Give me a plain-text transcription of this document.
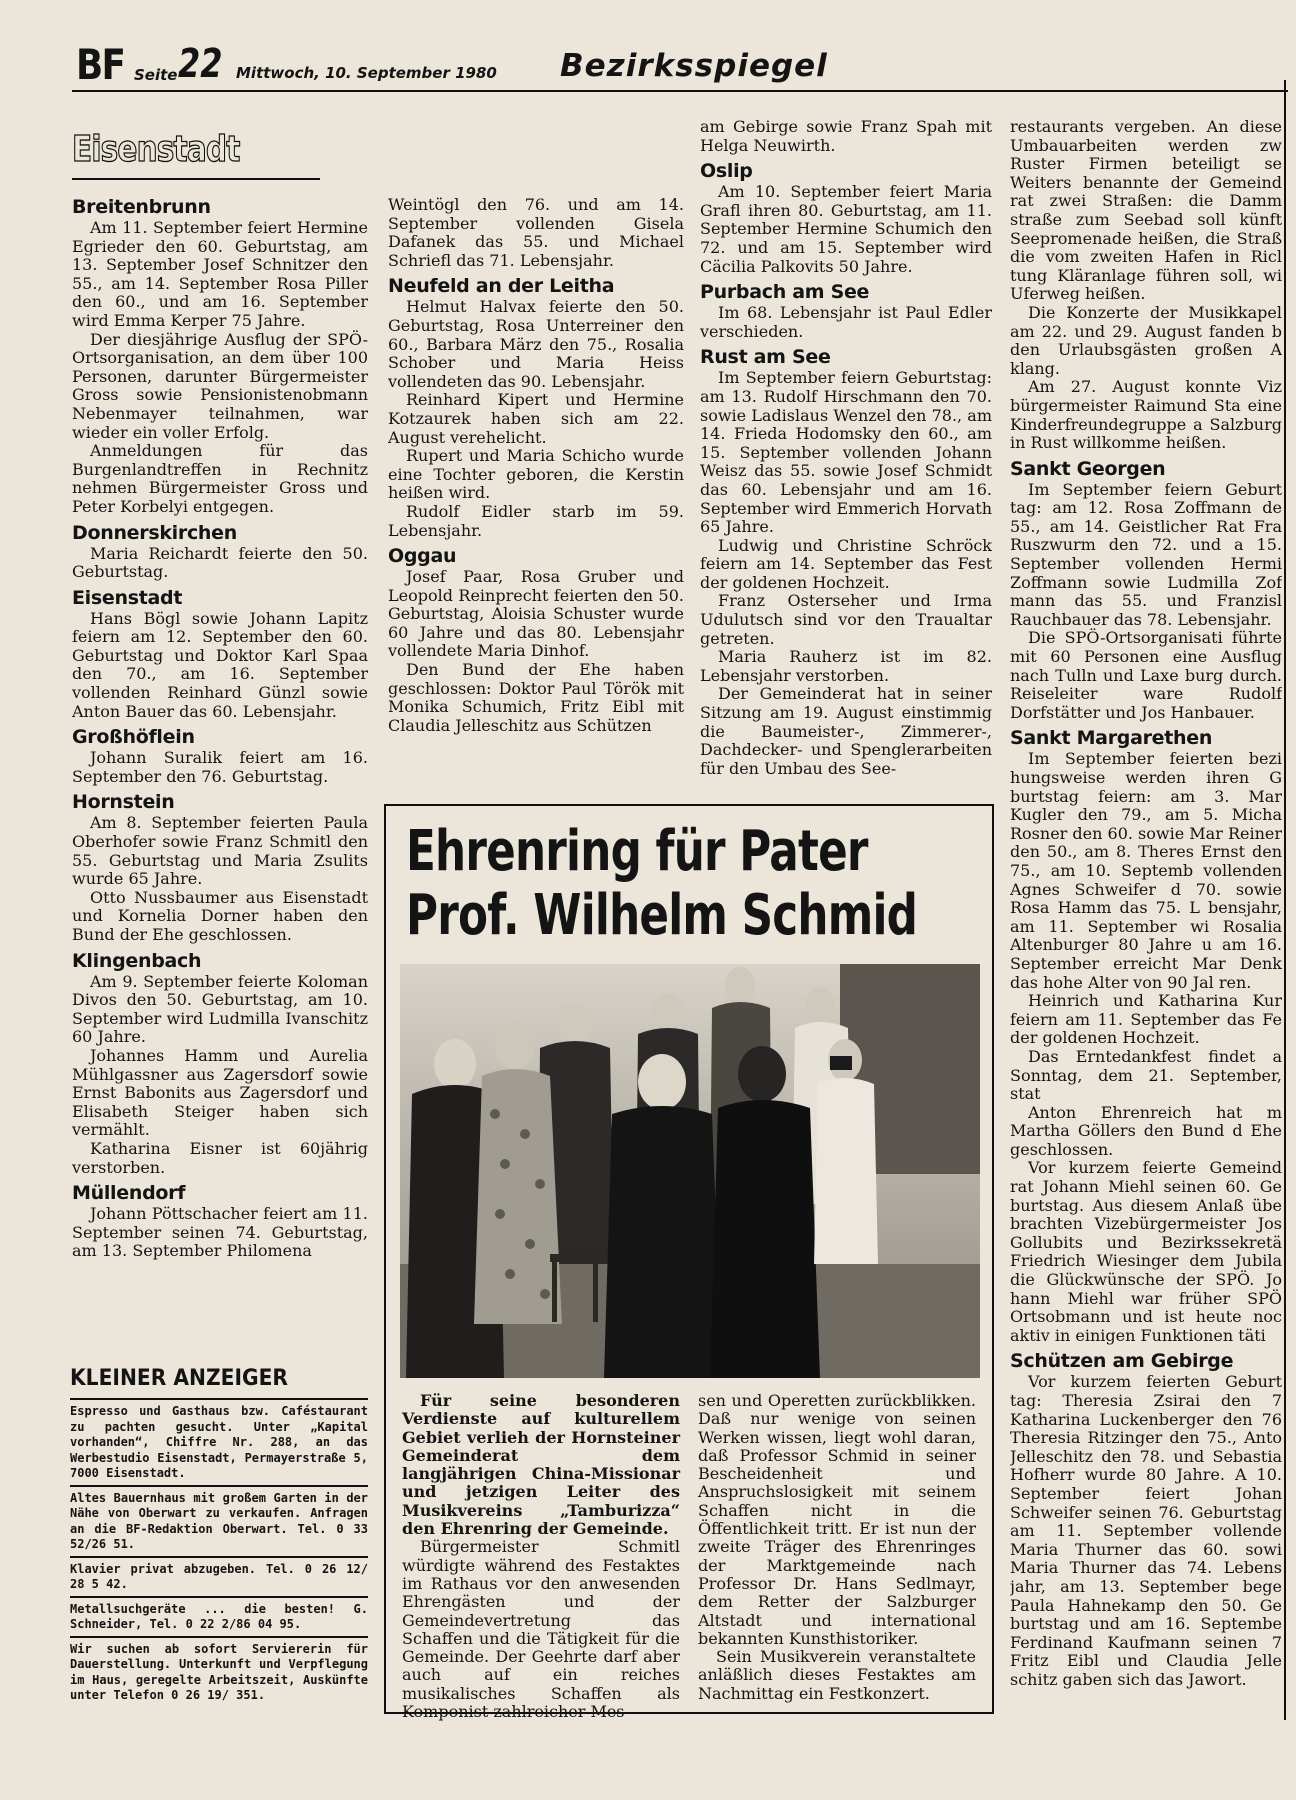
BF Seite 22 Mittwoch, 10. September 1980 Bezirksspiegel
Eisenstadt
Breitenbrunn

Am 11. September feiert Hermine Egrieder den 60. Geburtstag, am 13. September Josef Schnitzer den 55., am 14. September Rosa Piller den 60., und am 16. September wird Emma Kerper 75 Jahre.

Der diesjährige Ausflug der SPÖ-Ortsorganisation, an dem über 100 Personen, darunter Bürgermeister Gross sowie Pensionistenobmann Nebenmayer teilnahmen, war wieder ein voller Erfolg.

Anmeldungen für das Burgenlandtreffen in Rechnitz nehmen Bürgermeister Gross und Peter Korbelyi entgegen.

Donnerskirchen

Maria Reichardt feierte den 50. Geburtstag.

Eisenstadt

Hans Bögl sowie Johann Lapitz feiern am 12. September den 60. Geburtstag und Doktor Karl Spaa den 70., am 16. September vollenden Reinhard Günzl sowie Anton Bauer das 60. Lebensjahr.

Großhöflein

Johann Suralik feiert am 16. September den 76. Geburtstag.

Hornstein

Am 8. September feierten Paula Oberhofer sowie Franz Schmitl den 55. Geburtstag und Maria Zsulits wurde 65 Jahre.

Otto Nussbaumer aus Eisenstadt und Kornelia Dorner haben den Bund der Ehe geschlossen.

Klingenbach

Am 9. September feierte Koloman Divos den 50. Geburtstag, am 10. September wird Ludmilla Ivanschitz 60 Jahre.

Johannes Hamm und Aurelia Mühlgassner aus Zagersdorf sowie Ernst Babonits aus Zagersdorf und Elisabeth Steiger haben sich vermählt.

Katharina Eisner ist 60jährig verstorben.

Müllendorf

Johann Pöttschacher feiert am 11. September seinen 74. Geburtstag, am 13. September Philomena

Weintögl den 76. und am 14. September vollenden Gisela Dafanek das 55. und Michael Schriefl das 71. Lebensjahr.

Neufeld an der Leitha

Helmut Halvax feierte den 50. Geburtstag, Rosa Unterreiner den 60., Barbara März den 75., Rosalia Schober und Maria Heiss vollendeten das 90. Lebensjahr.

Reinhard Kipert und Hermine Kotzaurek haben sich am 22. August verehelicht.

Rupert und Maria Schicho wurde eine Tochter geboren, die Kerstin heißen wird.

Rudolf Eidler starb im 59. Lebensjahr.

Oggau

Josef Paar, Rosa Gruber und Leopold Reinprecht feierten den 50. Geburtstag, Aloisia Schuster wurde 60 Jahre und das 80. Lebensjahr vollendete Maria Dinhof.

Den Bund der Ehe haben geschlossen: Doktor Paul Török mit Monika Schumich, Fritz Eibl mit Claudia Jelleschitz aus Schützen

am Gebirge sowie Franz Spah mit Helga Neuwirth.

Oslip

Am 10. September feiert Maria Grafl ihren 80. Geburtstag, am 11. September Hermine Schumich den 72. und am 15. September wird Cäcilia Palkovits 50 Jahre.

Purbach am See

Im 68. Lebensjahr ist Paul Edler verschieden.

Rust am See

Im September feiern Geburtstag: am 13. Rudolf Hirschmann den 70. sowie Ladislaus Wenzel den 78., am 14. Frieda Hodomsky den 60., am 15. September vollenden Johann Weisz das 55. sowie Josef Schmidt das 60. Lebensjahr und am 16. September wird Emmerich Horvath 65 Jahre.

Ludwig und Christine Schröck feiern am 14. September das Fest der goldenen Hochzeit.

Franz Osterseher und Irma Udulutsch sind vor den Traualtar getreten.

Maria Rauherz ist im 82. Lebensjahr verstorben.

Der Gemeinderat hat in seiner Sitzung am 19. August einstimmig die Baumeister-, Zimmerer-, Dachdecker- und Spenglerarbeiten für den Umbau des See-

restaurants vergeben. An diese Umbauarbeiten werden zw Ruster Firmen beteiligt se Weiters benannte der Gemeind rat zwei Straßen: die Damm straße zum Seebad soll künft Seepromenade heißen, die Straß die vom zweiten Hafen in Ricl tung Kläranlage führen soll, wi Uferweg heißen.

Die Konzerte der Musikkapel am 22. und 29. August fanden b den Urlaubsgästen großen A klang.

Am 27. August konnte Viz bürgermeister Raimund Sta eine Kinderfreundegruppe a Salzburg in Rust willkomme heißen.

Sankt Georgen

Im September feiern Geburt tag: am 12. Rosa Zoffmann de 55., am 14. Geistlicher Rat Fra Ruszwurm den 72. und a 15. September vollenden Hermi Zoffmann sowie Ludmilla Zof mann das 55. und Franzisl Rauchbauer das 78. Lebensjahr.

Die SPÖ-Ortsorganisati führte mit 60 Personen eine Ausflug nach Tulln und Laxe burg durch. Reiseleiter ware Rudolf Dorfstätter und Jos Hanbauer.

Sankt Margarethen

Im September feierten bezi hungsweise werden ihren G burtstag feiern: am 3. Mar Kugler den 79., am 5. Micha Rosner den 60. sowie Mar Reiner den 50., am 8. Theres Ernst den 75., am 10. Septemb vollenden Agnes Schweifer d 70. sowie Rosa Hamm das 75. L bensjahr, am 11. September wi Rosalia Altenburger 80 Jahre u am 16. September erreicht Mar Denk das hohe Alter von 90 Jal ren.

Heinrich und Katharina Kur feiern am 11. September das Fe der goldenen Hochzeit.

Das Erntedankfest findet a Sonntag, dem 21. September, stat

Anton Ehrenreich hat m Martha Göllers den Bund d Ehe geschlossen.

Vor kurzem feierte Gemeind rat Johann Miehl seinen 60. Ge burtstag. Aus diesem Anlaß übe brachten Vizebürgermeister Jos Gollubits und Bezirkssekretä Friedrich Wiesinger dem Jubila die Glückwünsche der SPÖ. Jo hann Miehl war früher SPÖ Ortsobmann und ist heute noc aktiv in einigen Funktionen täti

Schützen am Gebirge

Vor kurzem feierten Geburt tag: Theresia Zsirai den 7 Katharina Luckenberger den 76 Theresia Ritzinger den 75., Anto Jelleschitz den 78. und Sebastia Hofherr wurde 80 Jahre. A 10. September feiert Johan Schweifer seinen 76. Geburtstag am 11. September vollende Maria Thurner das 60. sowi Maria Thurner das 74. Lebens jahr, am 13. September bege Paula Hahnekamp den 50. Ge burtstag und am 16. Septembe Ferdinand Kaufmann seinen 7 Fritz Eibl und Claudia Jelle schitz gaben sich das Jawort.

KLEINER ANZEIGER
Espresso und Gasthaus bzw. Caféstaurant zu pachten gesucht. Unter „Kapital vorhanden“, Chiffre Nr. 288, an das Werbestudio Eisenstadt, Permayerstraße 5, 7000 Eisenstadt.
Altes Bauernhaus mit großem Garten in der Nähe von Oberwart zu verkaufen. Anfragen an die BF-Redaktion Oberwart. Tel. 0 33 52/26 51.
Klavier privat abzugeben. Tel. 0 26 12/ 28 5 42.
Metallsuchgeräte ... die besten! G. Schneider, Tel. 0 22 2/86 04 95.
Wir suchen ab sofort Serviererin für Dauerstellung. Unterkunft und Verpflegung im Haus, geregelte Arbeitszeit, Auskünfte unter Telefon 0 26 19/ 351.
Ehrenring für Pater
Prof. Wilhelm Schmid

Für seine besonderen Verdienste auf kulturellem Gebiet verlieh der Hornsteiner Gemeinderat dem langjährigen China-Missionar und jetzigen Leiter des Musikvereins „Tamburizza“ den Ehrenring der Gemeinde.

Bürgermeister Schmitl würdigte während des Festaktes im Rathaus vor den anwesenden Ehrengästen und der Gemeindevertretung das Schaffen und die Tätigkeit für die Gemeinde. Der Geehrte darf aber auch auf ein reiches musikalisches Schaffen als Komponist zahlreicher Mes-

sen und Operetten zurückblikken. Daß nur wenige von seinen Werken wissen, liegt wohl daran, daß Professor Schmid in seiner Bescheidenheit und Anspruchslosigkeit mit seinem Schaffen nicht in die Öffentlichkeit tritt. Er ist nun der zweite Träger des Ehrenringes der Marktgemeinde nach Professor Dr. Hans Sedlmayr, dem Retter der Salzburger Altstadt und international bekannten Kunsthistoriker.

Sein Musikverein veranstaltete anläßlich dieses Festaktes am Nachmittag ein Festkonzert.
